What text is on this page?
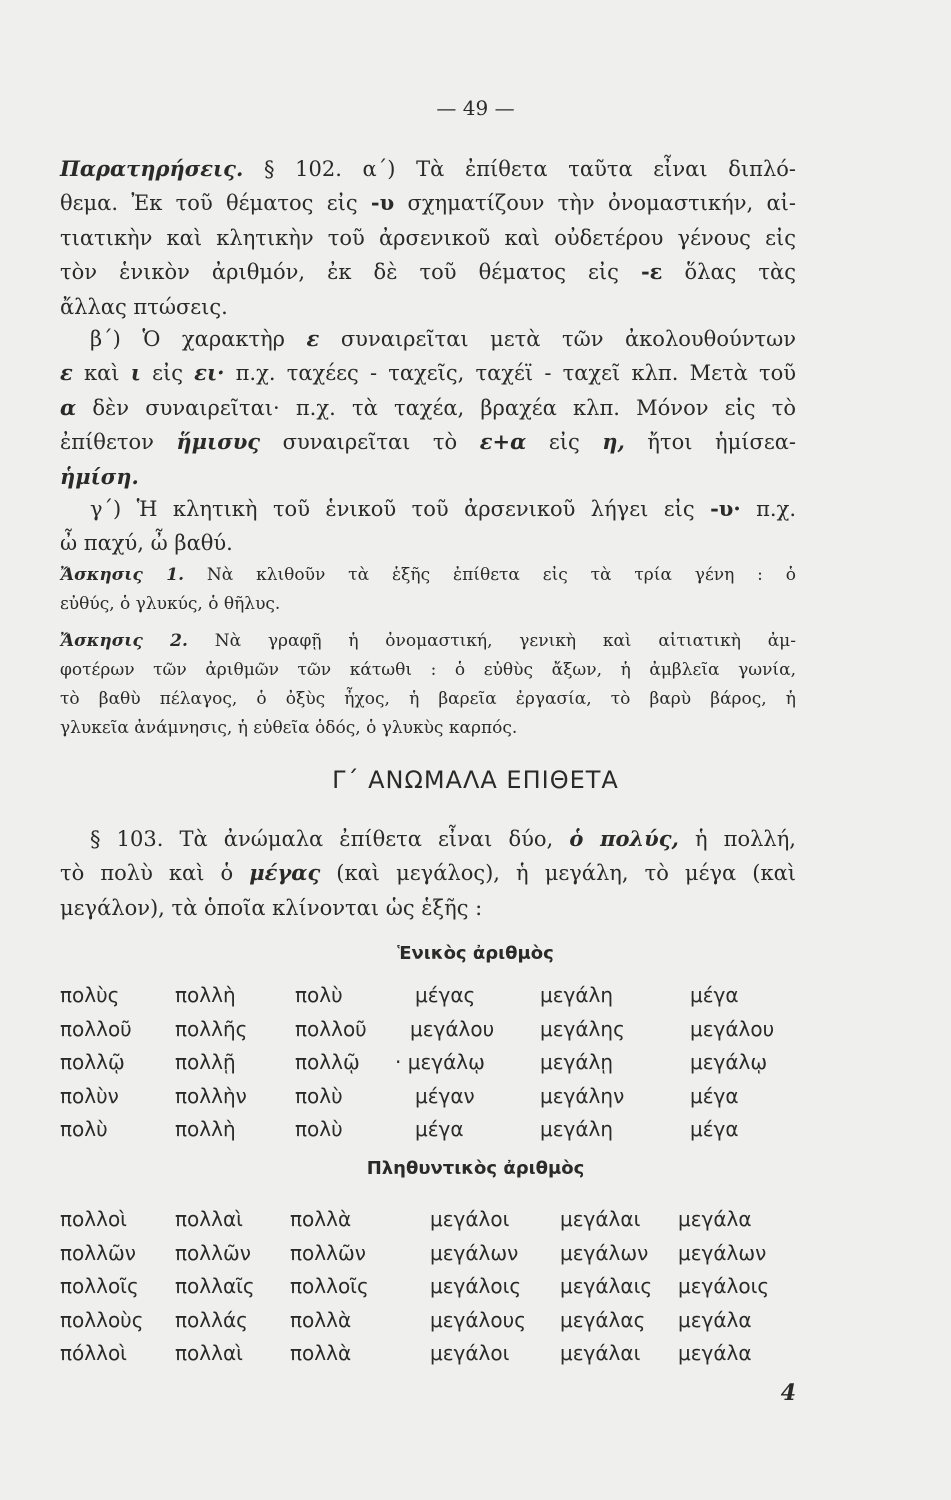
— 49 —
Παρατηρήσεις. § 102. α΄) Τὰ ἐπίθετα ταῦτα εἶναι διπλό-
θεμα. Ἐκ τοῦ θέματος εἰς -υ σχηματίζουν τὴν ὀνομαστικήν, αἰ-
τιατικὴν καὶ κλητικὴν τοῦ ἀρσενικοῦ καὶ οὐδετέρου γένους εἰς
τὸν ἑνικὸν ἀριθμόν, ἐκ δὲ τοῦ θέματος εἰς -ε ὅλας τὰς
ἄλλας πτώσεις.
β΄) Ὁ χαρακτὴρ ε συναιρεῖται μετὰ τῶν ἀκολουθούντων
ε καὶ ι εἰς ει· π.χ. ταχέες - ταχεῖς, ταχέϊ - ταχεῖ κλπ. Μετὰ τοῦ
α δὲν συναιρεῖται· π.χ. τὰ ταχέα, βραχέα κλπ. Μόνον εἰς τὸ
ἐπίθετον ἥμισυς συναιρεῖται τὸ ε+α εἰς η, ἤτοι ἡμίσεα-
ἡμίση.
γ΄) Ἡ κλητικὴ τοῦ ἑνικοῦ τοῦ ἀρσενικοῦ λήγει εἰς -υ· π.χ.
ὦ παχύ, ὦ βαθύ.
Ἄσκησις 1. Νὰ κλιθοῦν τὰ ἑξῆς ἐπίθετα εἰς τὰ τρία γένη : ὁ
εὐθύς, ὁ γλυκύς, ὁ θῆλυς.
Ἄσκησις 2. Νὰ γραφῇ ἡ ὀνομαστική, γενικὴ καὶ αἰτιατικὴ ἀμ-
φοτέρων τῶν ἀριθμῶν τῶν κάτωθι : ὁ εὐθὺς ἄξων, ἡ ἀμβλεῖα γωνία,
τὸ βαθὺ πέλαγος, ὁ ὀξὺς ἦχος, ἡ βαρεῖα ἐργασία, τὸ βαρὺ βάρος, ἡ
γλυκεῖα ἀνάμνησις, ἡ εὐθεῖα ὁδός, ὁ γλυκὺς καρπός.
Γ΄ ΑΝΩΜΑΛΑ ΕΠΙΘΕΤΑ
§ 103. Τὰ ἀνώμαλα ἐπίθετα εἶναι δύο, ὁ πολύς, ἡ πολλή,
τὸ πολὺ καὶ ὁ μέγας (καὶ μεγάλος), ἡ μεγάλη, τὸ μέγα (καὶ
μεγάλον), τὰ ὁποῖα κλίνονται ὡς ἑξῆς :
Ἑνικὸς ἀριθμὸς
πολὺς	πολλὴ	πολὺ	μέγας	μεγάλη	μέγα
πολλοῦ πολλῆς πολλοῦ μεγάλου μεγάλης	μεγάλου
πολλῷ	πολλῇ	πολλῷ · μεγάλῳ	μεγάλῃ	μεγάλῳ
πολὺν	πολλὴν πολὺ	μέγαν	μεγάλην	μέγα
πολὺ	πολλὴ	πολὺ	μέγα	μεγάλη	μέγα
Πληθυντικὸς ἀριθμὸς
πολλοὶ πολλαὶ πολλὰ	μεγάλοι	μεγάλαι μεγάλα
πολλῶν πολλῶν πολλῶν	μεγάλων μεγάλων μεγάλων
πολλοῖς πολλαῖς πολλοῖς	μεγάλοις μεγάλαις μεγάλοις
πολλοὺς πολλάς πολλὰ	μεγάλους μεγάλας μεγάλα
πόλλοὶ πολλαὶ πολλὰ	μεγάλοι	μεγάλαι μεγάλα
4
